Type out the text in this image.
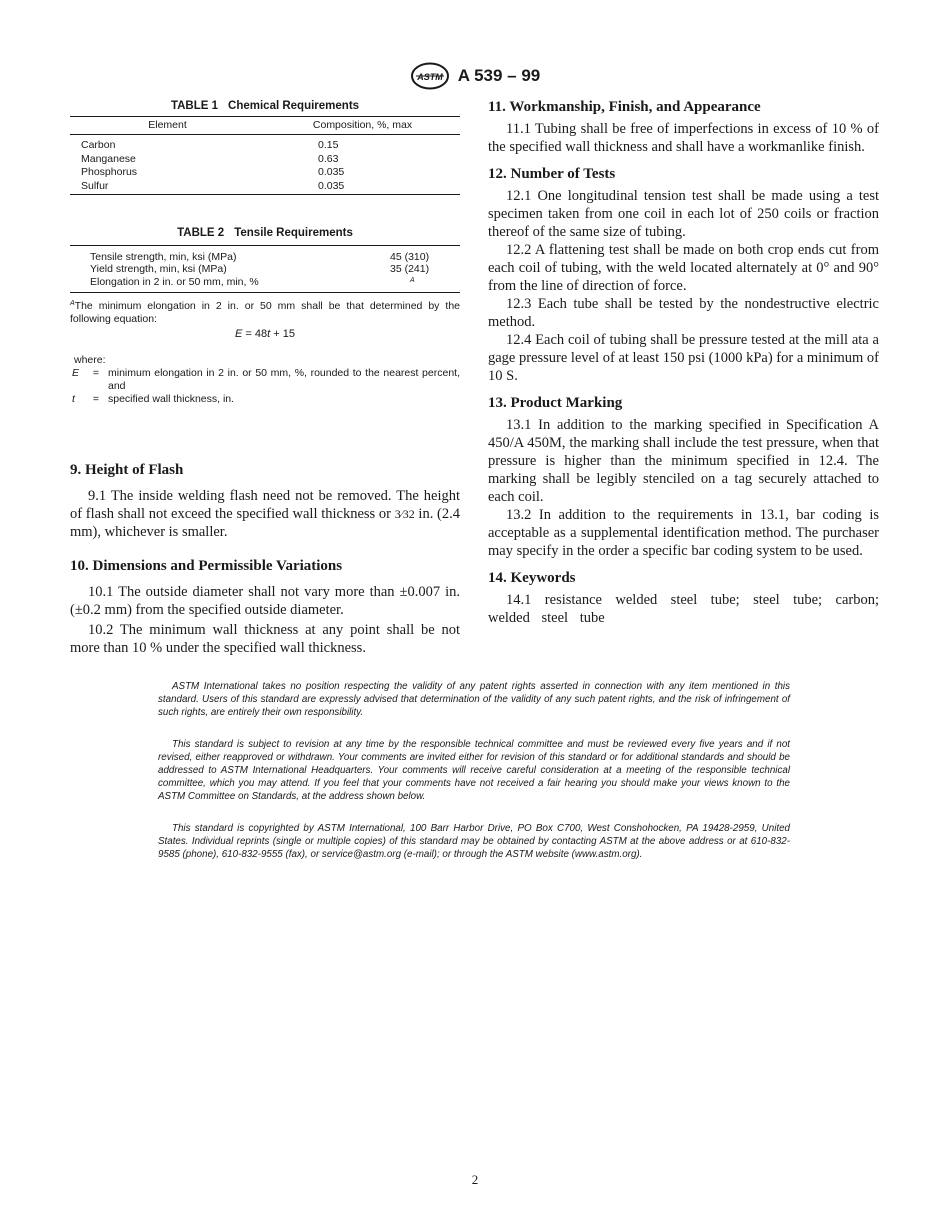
ASTM A 539 – 99
TABLE 1 Chemical Requirements
Element	Composition, %, max
Carbon	0.15
Manganese	0.63
Phosphorus	0.035
Sulfur	0.035
TABLE 2 Tensile Requirements
Tensile strength, min, ksi (MPa)	45 (310)
Yield strength, min, ksi (MPa)	35 (241)
Elongation in 2 in. or 50 mm, min, %	$^A$
$^A$The minimum elongation in 2 in. or 50 mm shall be that determined by the following equation:
E = 48t + 15
where:
E	= minimum elongation in 2 in. or 50 mm, %, rounded to the nearest percent, and
t	= specified wall thickness, in.
9. Height of Flash

9.1 The inside welding flash need not be removed. The height of flash shall not exceed the specified wall thickness or 3⁄32 in. (2.4 mm), whichever is smaller.

10. Dimensions and Permissible Variations

10.1 The outside diameter shall not vary more than ±0.007 in. (±0.2 mm) from the specified outside diameter.

10.2 The minimum wall thickness at any point shall be not more than 10 % under the specified wall thickness.

11. Workmanship, Finish, and Appearance

11.1 Tubing shall be free of imperfections in excess of 10 % of the specified wall thickness and shall have a workmanlike finish.

12. Number of Tests

12.1 One longitudinal tension test shall be made using a test specimen taken from one coil in each lot of 250 coils or fraction thereof of the same size of tubing.

12.2 A flattening test shall be made on both crop ends cut from each coil of tubing, with the weld located alternately at 0° and 90° from the line of direction of force.

12.3 Each tube shall be tested by the nondestructive electric method.

12.4 Each coil of tubing shall be pressure tested at the mill ata a gage pressure level of at least 150 psi (1000 kPa) for a minimum of 10 S.

13. Product Marking

13.1 In addition to the marking specified in Specification A 450/A 450M, the marking shall include the test pressure, when that pressure is higher than the minimum specified in 12.4. The marking shall be legibly stenciled on a tag securely attached to each coil.

13.2 In addition to the requirements in 13.1, bar coding is acceptable as a supplemental identification method. The purchaser may specify in the order a specific bar coding system to be used.

14. Keywords

14.1 resistance welded steel tube; steel tube; carbon; welded steel tube

ASTM International takes no position respecting the validity of any patent rights asserted in connection with any item mentioned in this standard. Users of this standard are expressly advised that determination of the validity of any such patent rights, and the risk of infringement of such rights, are entirely their own responsibility.

This standard is subject to revision at any time by the responsible technical committee and must be reviewed every five years and if not revised, either reapproved or withdrawn. Your comments are invited either for revision of this standard or for additional standards and should be addressed to ASTM International Headquarters. Your comments will receive careful consideration at a meeting of the responsible technical committee, which you may attend. If you feel that your comments have not received a fair hearing you should make your views known to the ASTM Committee on Standards, at the address shown below.

This standard is copyrighted by ASTM International, 100 Barr Harbor Drive, PO Box C700, West Conshohocken, PA 19428-2959, United States. Individual reprints (single or multiple copies) of this standard may be obtained by contacting ASTM at the above address or at 610-832-9585 (phone), 610-832-9555 (fax), or service@astm.org (e-mail); or through the ASTM website (www.astm.org).

2
